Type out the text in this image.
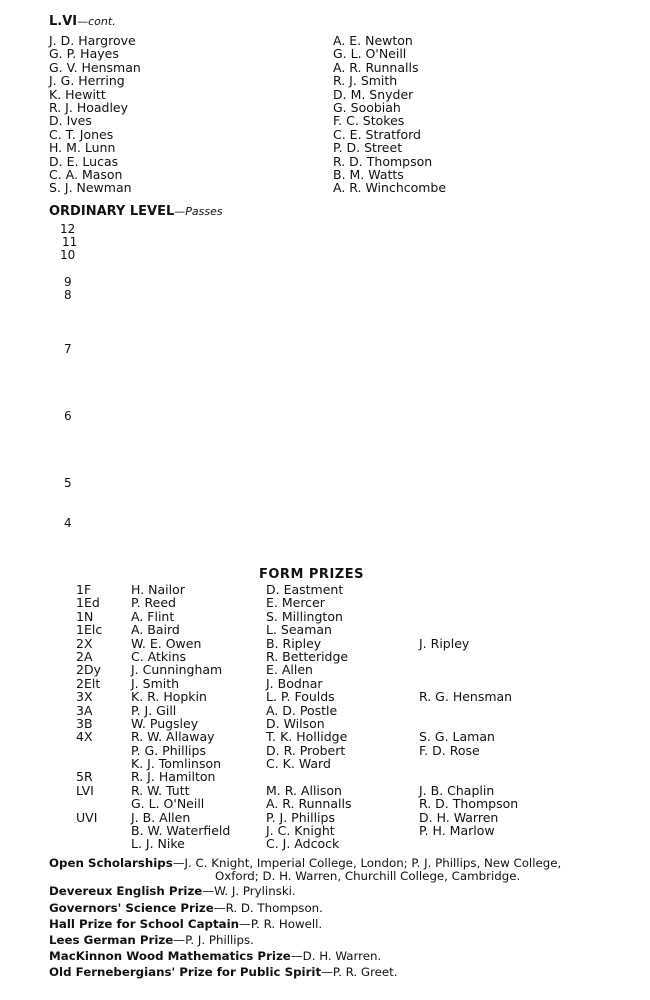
L.VI—cont.
J. D. Hargrove
G. P. Hayes
G. V. Hensman
J. G. Herring
K. Hewitt
R. J. Hoadley
D. Ives
C. T. Jones
H. M. Lunn
D. E. Lucas
C. A. Mason
S. J. Newman
A. E. Newton
G. L. O'Neill
A. R. Runnalls
R. J. Smith
D. M. Snyder
G. Soobiah
F. C. Stokes
C. E. Stratford
P. D. Street
R. D. Thompson
B. M. Watts
A. R. Winchcombe
ORDINARY LEVEL—Passes
12
11
10
9
8
7
6
5
4
FORM PRIZES
1F
1Ed
1N
1Elc
2X
2A
2Dy
2Elt
3X
3A
3B
4X
5R
LVI
UVI
H. Nailor
P. Reed
A. Flint
A. Baird
W. E. Owen
C. Atkins
J. Cunningham
J. Smith
K. R. Hopkin
P. J. Gill
W. Pugsley
R. W. Allaway
P. G. Phillips
K. J. Tomlinson
R. J. Hamilton
R. W. Tutt
G. L. O'Neill
J. B. Allen
B. W. Waterfield
L. J. Nike
D. Eastment
E. Mercer
S. Millington
L. Seaman
B. Ripley
R. Betteridge
E. Allen
J. Bodnar
L. P. Foulds
A. D. Postle
D. Wilson
T. K. Hollidge
D. R. Probert
C. K. Ward
M. R. Allison
A. R. Runnalls
P. J. Phillips
J. C. Knight
C. J. Adcock
J. Ripley
R. G. Hensman
S. G. Laman
F. D. Rose
J. B. Chaplin
R. D. Thompson
D. H. Warren
P. H. Marlow
Open Scholarships—J. C. Knight, Imperial College, London; P. J. Phillips, New College,
Oxford; D. H. Warren, Churchill College, Cambridge.
Devereux English Prize—W. J. Prylinski.
Governors' Science Prize—R. D. Thompson.
Hall Prize for School Captain—P. R. Howell.
Lees German Prize—P. J. Phillips.
MacKinnon Wood Mathematics Prize—D. H. Warren.
Old Fernebergians' Prize for Public Spirit—P. R. Greet.
